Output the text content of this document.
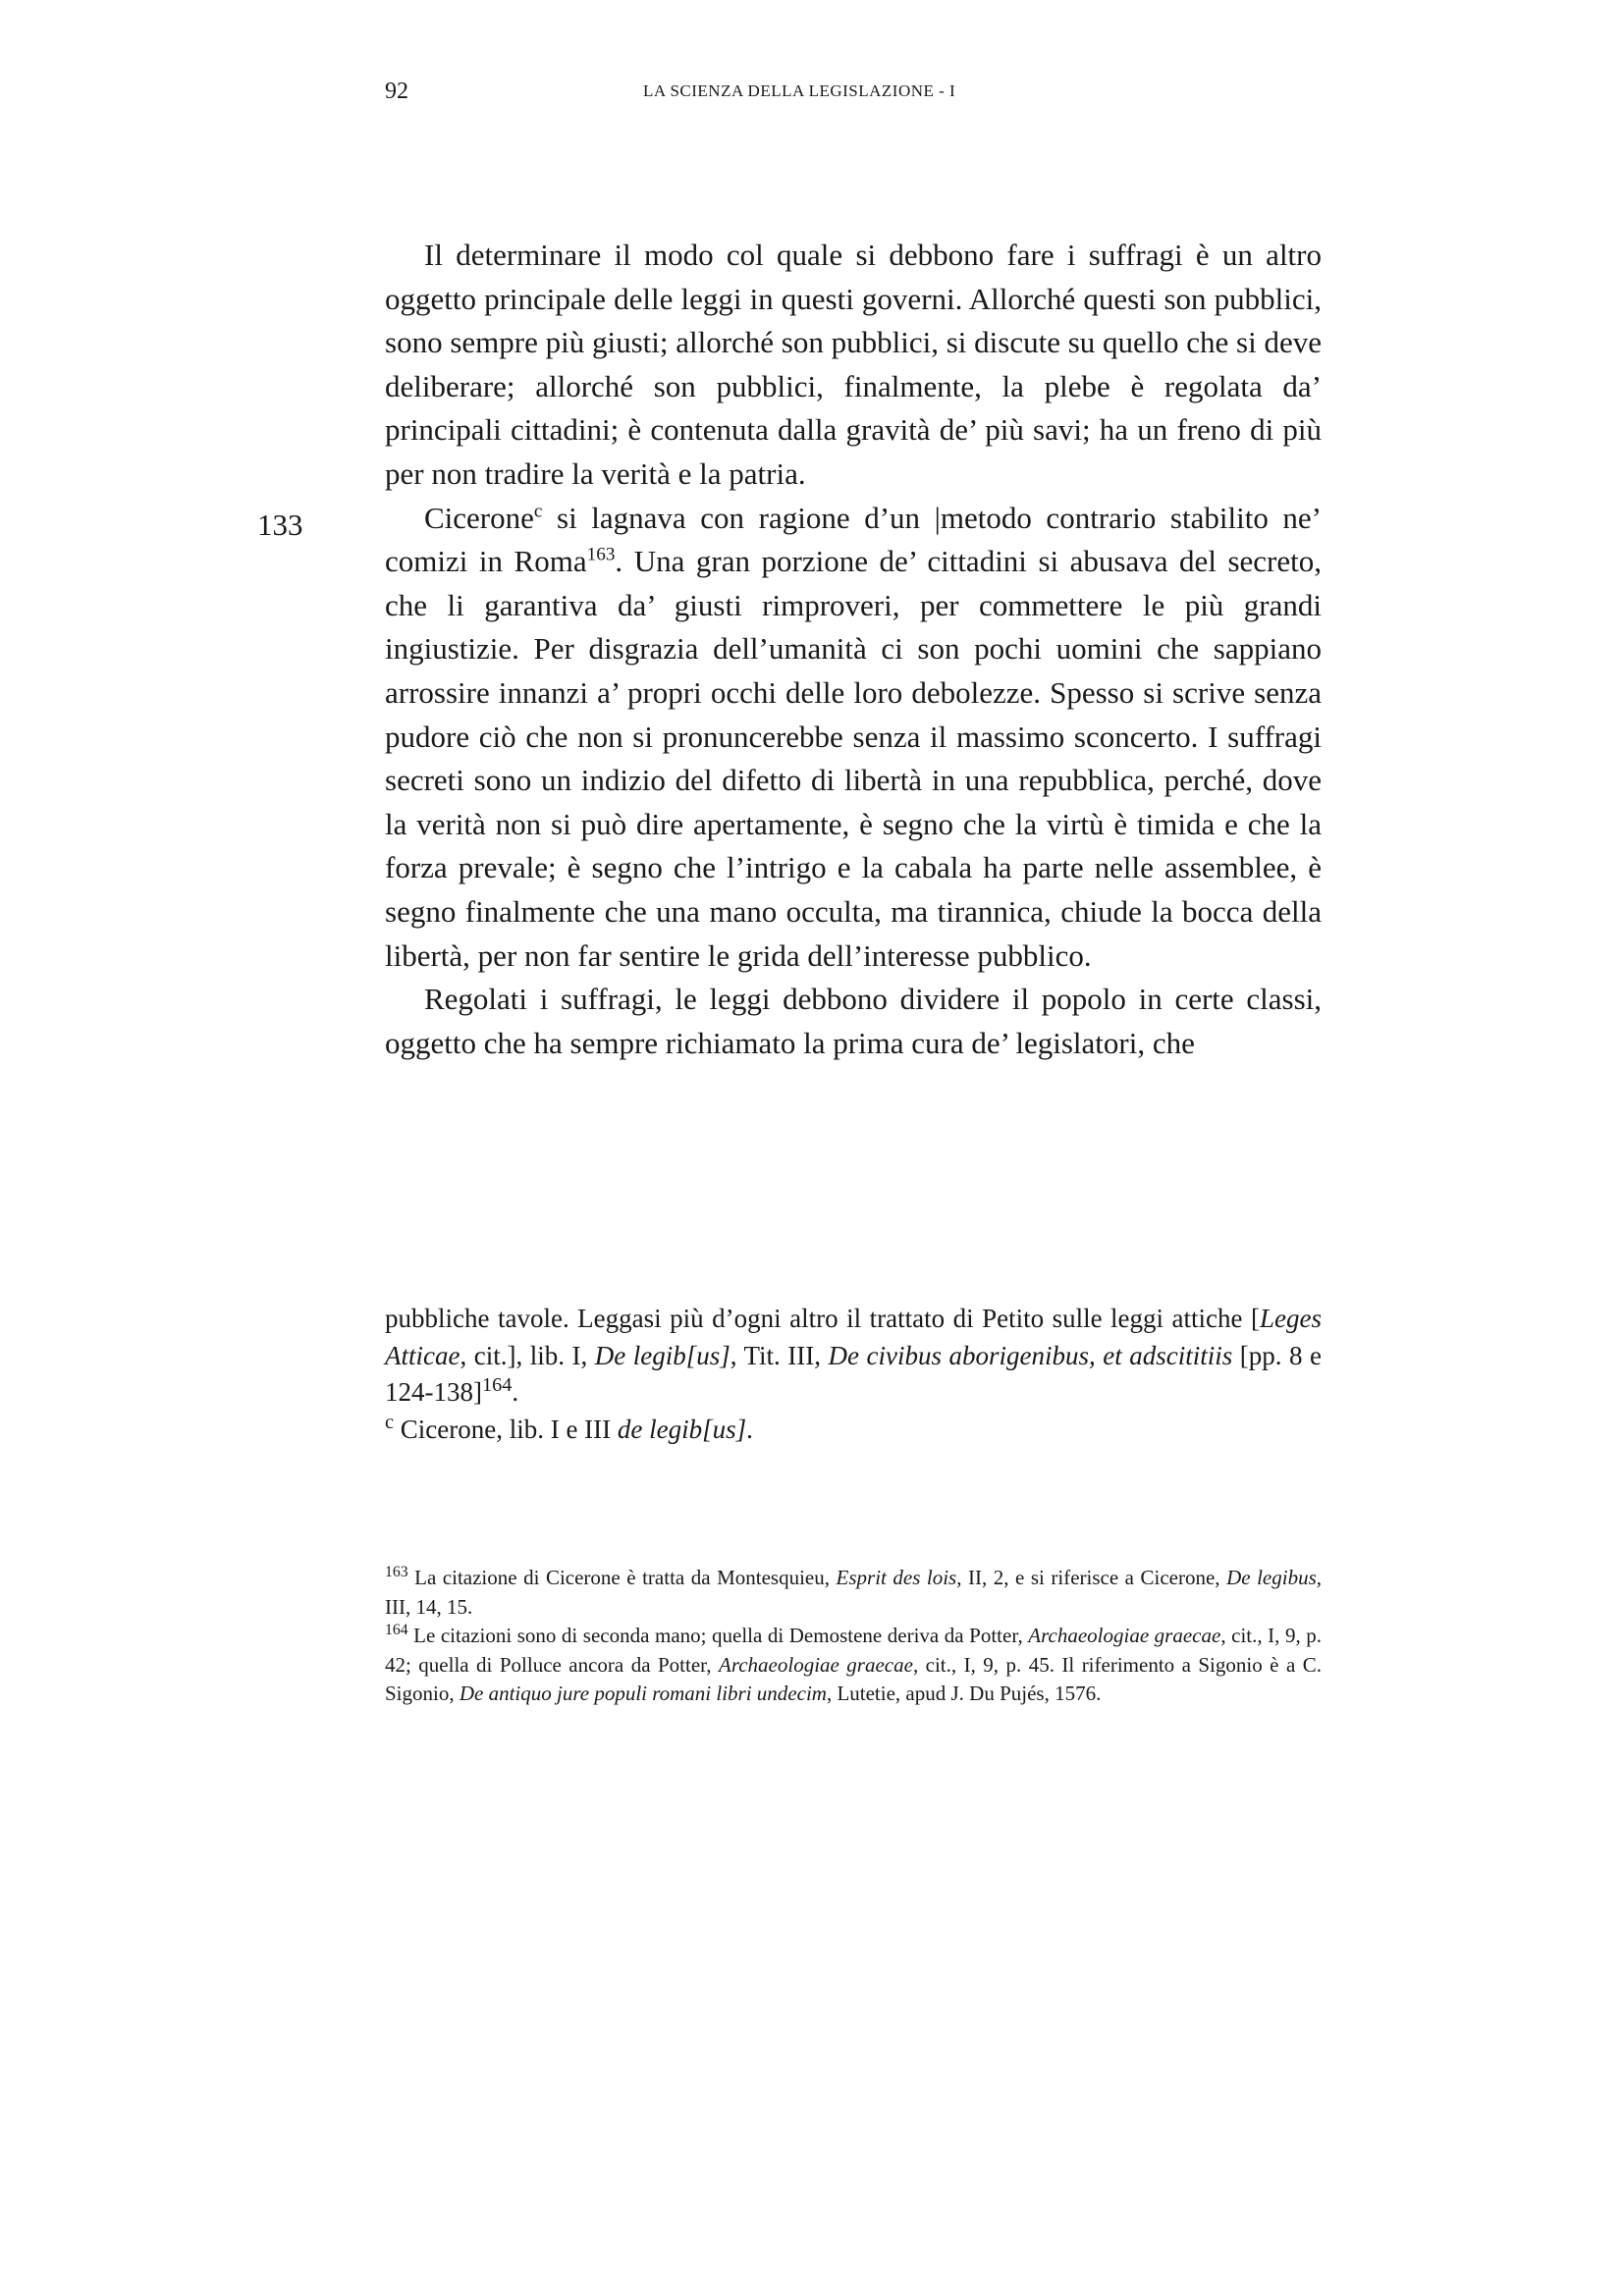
92	LA SCIENZA DELLA LEGISLAZIONE - I
133

Il determinare il modo col quale si debbono fare i suffragi è un altro oggetto principale delle leggi in questi governi. Allorché questi son pubblici, sono sempre più giusti; allorché son pubblici, si discute su quello che si deve deliberare; allorché son pubblici, finalmente, la plebe è regolata da’ principali cittadini; è contenuta dalla gravità de’ più savi; ha un freno di più per non tradire la verità e la patria.

Cicerone$^c$ si lagnava con ragione d’un |metodo contrario stabilito ne’ comizi in Roma$^{163}$. Una gran porzione de’ cittadini si abusava del secreto, che li garantiva da’ giusti rimproveri, per commettere le più grandi ingiustizie. Per disgrazia dell’umanità ci son pochi uomini che sappiano arrossire innanzi a’ propri occhi delle loro debolezze. Spesso si scrive senza pudore ciò che non si pronuncerebbe senza il massimo sconcerto. I suffragi secreti sono un indizio del difetto di libertà in una repubblica, perché, dove la verità non si può dire apertamente, è segno che la virtù è timida e che la forza prevale; è segno che l’intrigo e la cabala ha parte nelle assemblee, è segno finalmente che una mano occulta, ma tirannica, chiude la bocca della libertà, per non far sentire le grida dell’interesse pubblico.

Regolati i suffragi, le leggi debbono dividere il popolo in certe classi, oggetto che ha sempre richiamato la prima cura de’ legislatori, che

pubbliche tavole. Leggasi più d’ogni altro il trattato di Petito sulle leggi attiche [Leges Atticae, cit.], lib. I, De legib[us], Tit. III, De civibus aborigenibus, et adscititiis [pp. 8 e 124-138]$^{164}$.

$^c$ Cicerone, lib. I e III de legib[us].

$^{163}$ La citazione di Cicerone è tratta da Montesquieu, Esprit des lois, II, 2, e si riferisce a Cicerone, De legibus, III, 14, 15.

$^{164}$ Le citazioni sono di seconda mano; quella di Demostene deriva da Potter, Archaeologiae graecae, cit., I, 9, p. 42; quella di Polluce ancora da Potter, Archaeologiae graecae, cit., I, 9, p. 45. Il riferimento a Sigonio è a C. Sigonio, De antiquo jure populi romani libri undecim, Lutetie, apud J. Du Pujés, 1576.
